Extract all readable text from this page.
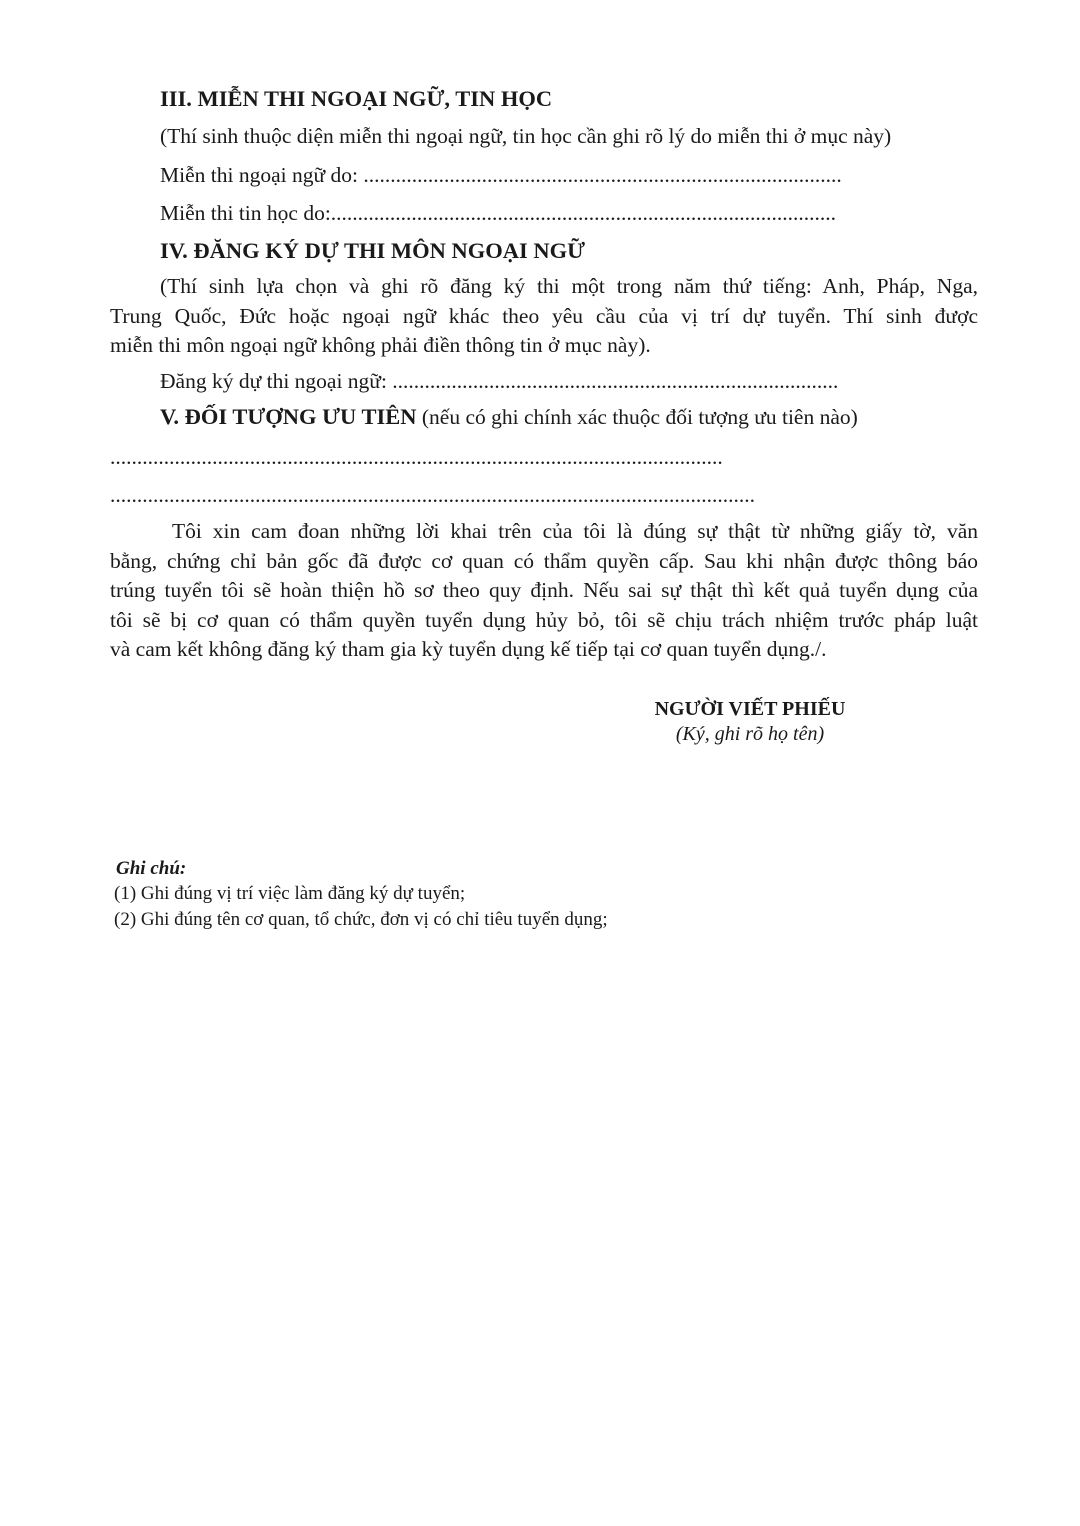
III. MIỄN THI NGOẠI NGỮ, TIN HỌC
(Thí sinh thuộc diện miễn thi ngoại ngữ, tin học cần ghi rõ lý do miễn thi ở mục này)
Miễn thi ngoại ngữ do: .........................................................................................
Miễn thi tin học do:..............................................................................................
IV. ĐĂNG KÝ DỰ THI MÔN NGOẠI NGỮ
(Thí sinh lựa chọn và ghi rõ đăng ký thi một trong năm thứ tiếng: Anh, Pháp, Nga,
Trung Quốc, Đức hoặc ngoại ngữ khác theo yêu cầu của vị trí dự tuyển. Thí sinh được
miễn thi môn ngoại ngữ không phải điền thông tin ở mục này).
Đăng ký dự thi ngoại ngữ: ...................................................................................
V. ĐỐI TƯỢNG ƯU TIÊN (nếu có ghi chính xác thuộc đối tượng ưu tiên nào)
..................................................................................................................
........................................................................................................................
Tôi xin cam đoan những lời khai trên của tôi là đúng sự thật từ những giấy tờ, văn
bằng, chứng chỉ bản gốc đã được cơ quan có thẩm quyền cấp. Sau khi nhận được thông báo
trúng tuyển tôi sẽ hoàn thiện hồ sơ theo quy định. Nếu sai sự thật thì kết quả tuyển dụng của
tôi sẽ bị cơ quan có thẩm quyền tuyển dụng hủy bỏ, tôi sẽ chịu trách nhiệm trước pháp luật
và cam kết không đăng ký tham gia kỳ tuyển dụng kế tiếp tại cơ quan tuyển dụng./.
NGƯỜI VIẾT PHIẾU
(Ký, ghi rõ họ tên)
Ghi chú:
(1) Ghi đúng vị trí việc làm đăng ký dự tuyển;
(2) Ghi đúng tên cơ quan, tổ chức, đơn vị có chỉ tiêu tuyển dụng;
